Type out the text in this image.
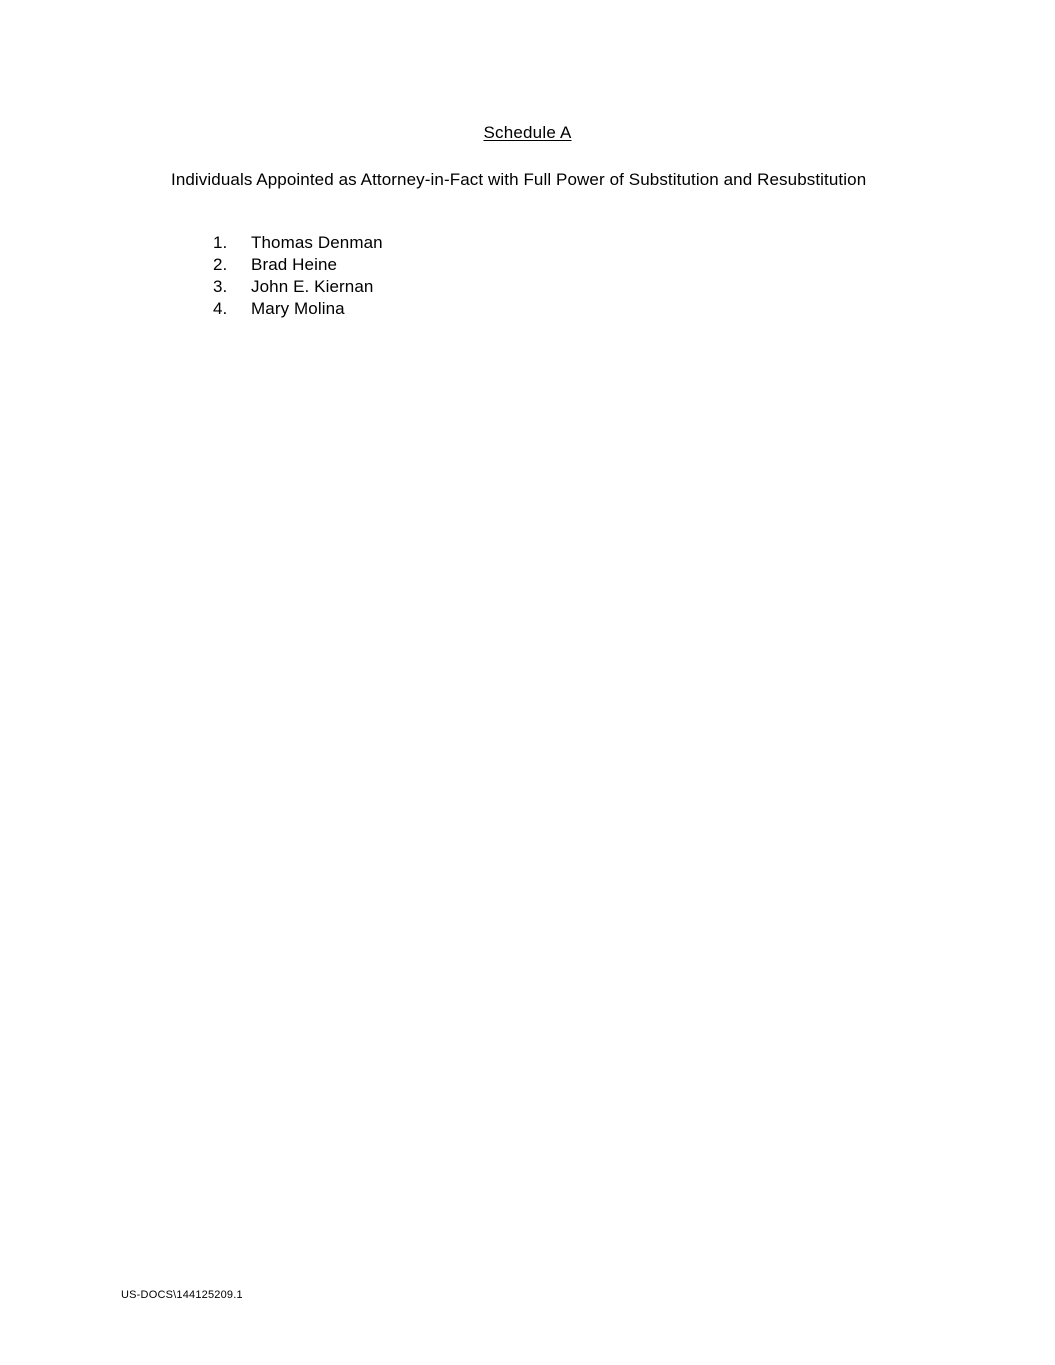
Schedule A
Individuals Appointed as Attorney-in-Fact with Full Power of Substitution and Resubstitution
1.	Thomas Denman
2.	Brad Heine
3.	John E. Kiernan
4.	Mary Molina
US-DOCS\144125209.1
